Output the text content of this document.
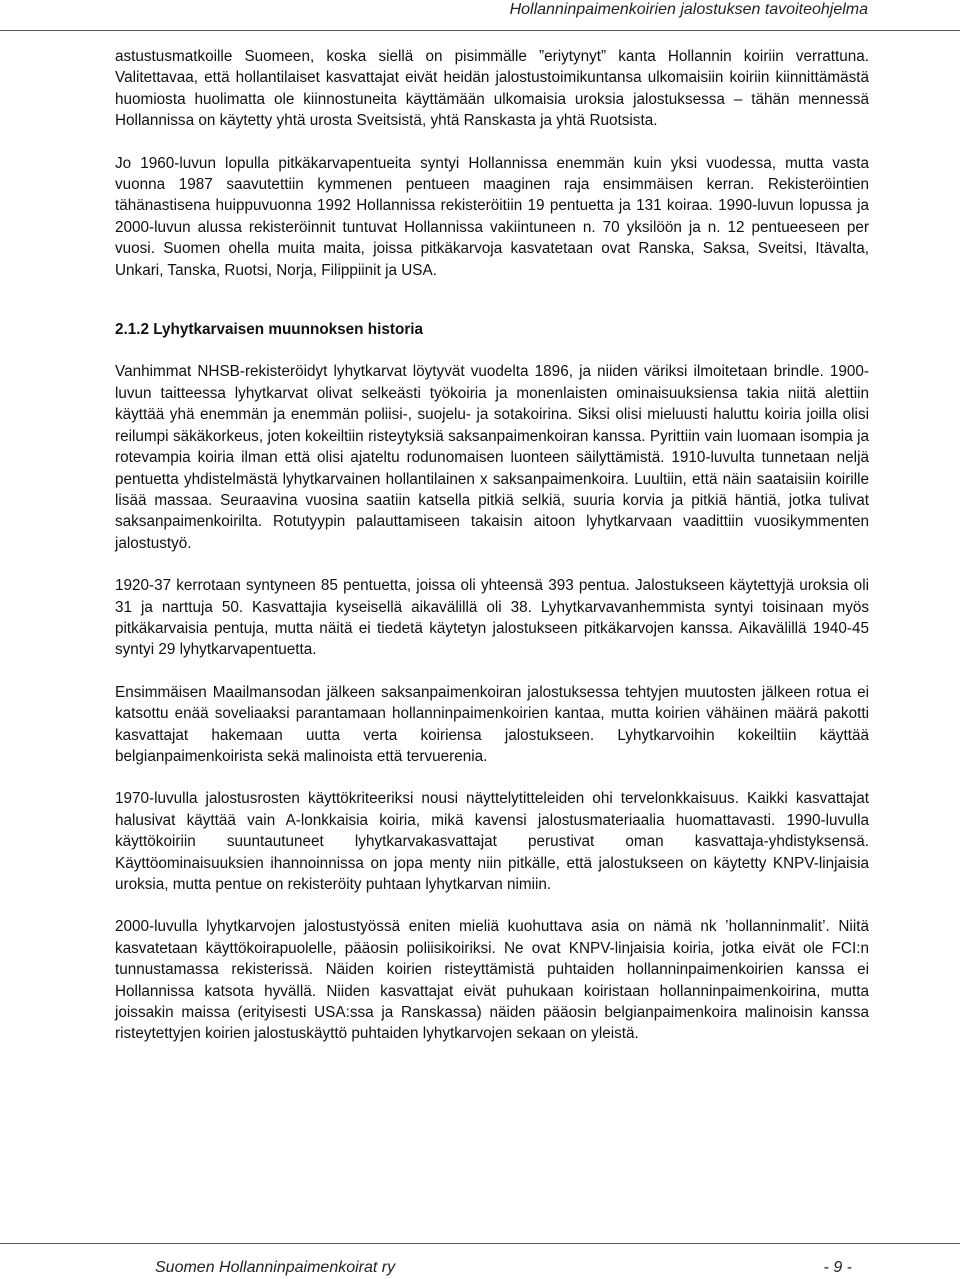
Hollanninpaimenkoirien jalostuksen tavoiteohjelma

astustusmatkoille Suomeen, koska siellä on pisimmälle ”eriytynyt” kanta Hollannin koiriin verrattuna. Valitettavaa, että hollantilaiset kasvattajat eivät heidän jalostustoimikuntansa ulkomaisiin koiriin kiinnittämästä huomiosta huolimatta ole kiinnostuneita käyttämään ulkomaisia uroksia jalostuksessa – tähän mennessä Hollannissa on käytetty yhtä urosta Sveitsistä, yhtä Ranskasta ja yhtä Ruotsista.

Jo 1960-luvun lopulla pitkäkarvapentueita syntyi Hollannissa enemmän kuin yksi vuodessa, mutta vasta vuonna 1987 saavutettiin kymmenen pentueen maaginen raja ensimmäisen kerran. Rekisteröintien tähänastisena huippuvuonna 1992 Hollannissa rekisteröitiin 19 pentuetta ja 131 koiraa. 1990-luvun lopussa ja 2000-luvun alussa rekisteröinnit tuntuvat Hollannissa vakiintuneen n. 70 yksilöön ja n. 12 pentueeseen per vuosi. Suomen ohella muita maita, joissa pitkäkarvoja kasvatetaan ovat Ranska, Saksa, Sveitsi, Itävalta, Unkari, Tanska, Ruotsi, Norja, Filippiinit ja USA.

2.1.2 Lyhytkarvaisen muunnoksen historia

Vanhimmat NHSB-rekisteröidyt lyhytkarvat löytyvät vuodelta 1896, ja niiden väriksi ilmoitetaan brindle. 1900-luvun taitteessa lyhytkarvat olivat selkeästi työkoiria ja monenlaisten ominaisuuksiensa takia niitä alettiin käyttää yhä enemmän ja enemmän poliisi-, suojelu- ja sotakoirina. Siksi olisi mieluusti haluttu koiria joilla olisi reilumpi säkäkorkeus, joten kokeiltiin risteytyksiä saksanpaimenkoiran kanssa. Pyrittiin vain luomaan isompia ja rotevampia koiria ilman että olisi ajateltu rodunomaisen luonteen säilyttämistä. 1910-luvulta tunnetaan neljä pentuetta yhdistelmästä lyhytkarvainen hollantilainen x saksanpaimenkoira. Luultiin, että näin saataisiin koirille lisää massaa. Seuraavina vuosina saatiin katsella pitkiä selkiä, suuria korvia ja pitkiä häntiä, jotka tulivat saksanpaimenkoirilta. Rotutyypin palauttamiseen takaisin aitoon lyhytkarvaan vaadittiin vuosikymmenten jalostustyö.

1920-37 kerrotaan syntyneen 85 pentuetta, joissa oli yhteensä 393 pentua. Jalostukseen käytettyjä uroksia oli 31 ja narttuja 50. Kasvattajia kyseisellä aikavälillä oli 38. Lyhytkarvavanhemmista syntyi toisinaan myös pitkäkarvaisia pentuja, mutta näitä ei tiedetä käytetyn jalostukseen pitkäkarvojen kanssa. Aikavälillä 1940-45 syntyi 29 lyhytkarvapentuetta.

Ensimmäisen Maailmansodan jälkeen saksanpaimenkoiran jalostuksessa tehtyjen muutosten jälkeen rotua ei katsottu enää soveliaaksi parantamaan hollanninpaimenkoirien kantaa, mutta koirien vähäinen määrä pakotti kasvattajat hakemaan uutta verta koiriensa jalostukseen. Lyhytkarvoihin kokeiltiin käyttää belgianpaimenkoirista sekä malinoista että tervuerenia.

1970-luvulla jalostusrosten käyttökriteeriksi nousi näyttelytitteleiden ohi tervelonkkaisuus. Kaikki kasvattajat halusivat käyttää vain A-lonkkaisia koiria, mikä kavensi jalostusmateriaalia huomattavasti. 1990-luvulla käyttökoiriin suuntautuneet lyhytkarvakasvattajat perustivat oman kasvattaja-yhdistyksensä. Käyttöominaisuuksien ihannoinnissa on jopa menty niin pitkälle, että jalostukseen on käytetty KNPV-linjaisia uroksia, mutta pentue on rekisteröity puhtaan lyhytkarvan nimiin.

2000-luvulla lyhytkarvojen jalostustyössä eniten mieliä kuohuttava asia on nämä nk ’hollanninmalit’. Niitä kasvatetaan käyttökoirapuolelle, pääosin poliisikoiriksi. Ne ovat KNPV-linjaisia koiria, jotka eivät ole FCI:n tunnustamassa rekisterissä. Näiden koirien risteyttämistä puhtaiden hollanninpaimenkoirien kanssa ei Hollannissa katsota hyvällä. Niiden kasvattajat eivät puhukaan koiristaan hollanninpaimenkoirina, mutta joissakin maissa (erityisesti USA:ssa ja Ranskassa) näiden pääosin belgianpaimenkoira malinoisin kanssa risteytettyjen koirien jalostuskäyttö puhtaiden lyhytkarvojen sekaan on yleistä.

Suomen Hollanninpaimenkoirat ry	- 9 -
